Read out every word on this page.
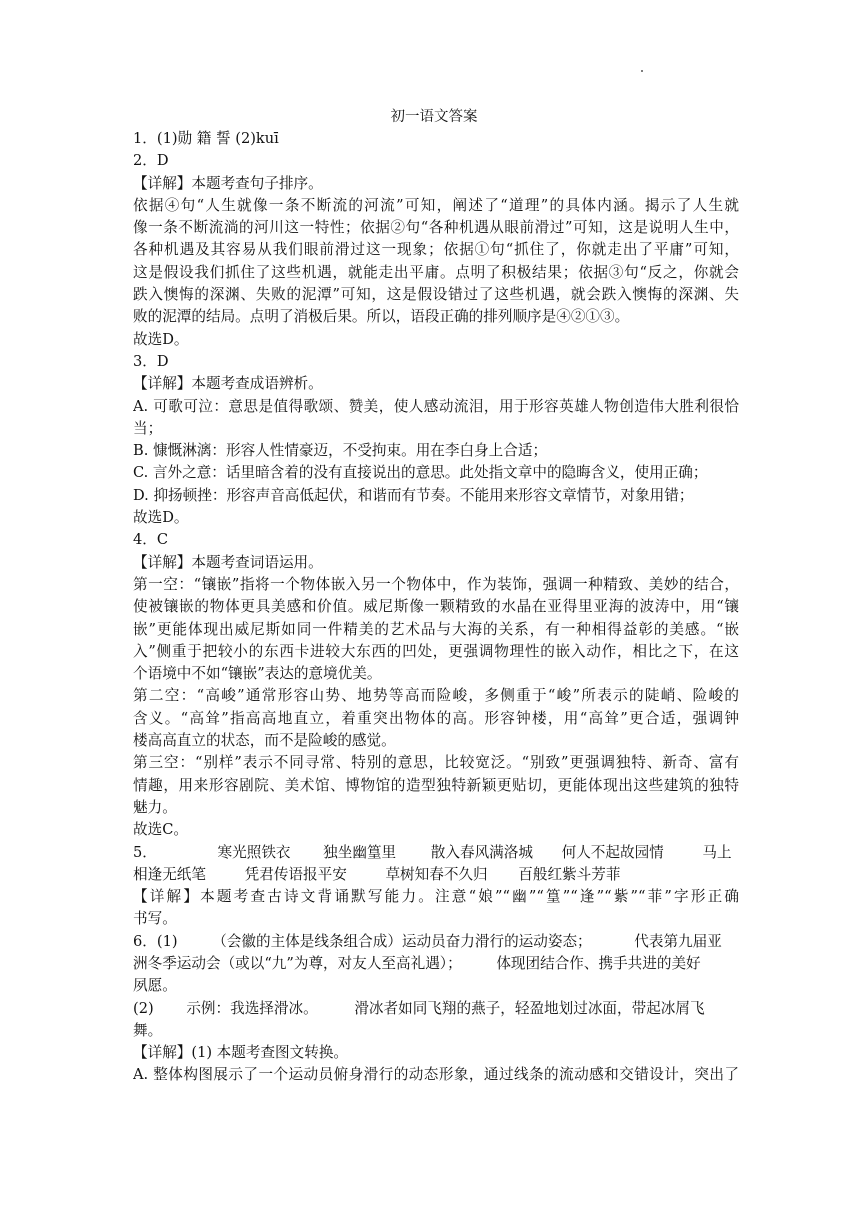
初一语文答案
1．(1)勋 籍 誓 (2)kuī
2．D
【详解】本题考查句子排序。
依据④句“人生就像一条不断流的河流”可知，阐述了“道理”的具体内涵。揭示了人生就
像一条不断流淌的河川这一特性；依据②句“各种机遇从眼前滑过”可知，这是说明人生中，
各种机遇及其容易从我们眼前滑过这一现象；依据①句“抓住了，你就走出了平庸”可知，
这是假设我们抓住了这些机遇，就能走出平庸。点明了积极结果；依据③句“反之，你就会
跌入懊悔的深渊、失败的泥潭”可知，这是假设错过了这些机遇，就会跌入懊悔的深渊、失
败的泥潭的结局。点明了消极后果。所以，语段正确的排列顺序是④②①③。
故选D。
3．D
【详解】本题考查成语辨析。
A. 可歌可泣：意思是值得歌颂、赞美，使人感动流泪，用于形容英雄人物创造伟大胜利很恰
当；
B. 慷慨淋漓：形容人性情豪迈，不受拘束。用在李白身上合适；
C. 言外之意：话里暗含着的没有直接说出的意思。此处指文章中的隐晦含义，使用正确；
D. 抑扬顿挫：形容声音高低起伏，和谐而有节奏。不能用来形容文章情节，对象用错；
故选D。
4．C
【详解】本题考查词语运用。
第一空：“镶嵌”指将一个物体嵌入另一个物体中，作为装饰，强调一种精致、美妙的结合，
使被镶嵌的物体更具美感和价值。威尼斯像一颗精致的水晶在亚得里亚海的波涛中，用“镶
嵌”更能体现出威尼斯如同一件精美的艺术品与大海的关系，有一种相得益彰的美感。“嵌
入”侧重于把较小的东西卡进较大东西的凹处，更强调物理性的嵌入动作，相比之下，在这
个语境中不如“镶嵌”表达的意境优美。
第二空：“高峻”通常形容山势、地势等高而险峻，多侧重于“峻”所表示的陡峭、险峻的
含义。“高耸”指高高地直立，着重突出物体的高。形容钟楼，用“高耸”更合适，强调钟
楼高高直立的状态，而不是险峻的感觉。
第三空：“别样”表示不同寻常、特别的意思，比较宽泛。“别致”更强调独特、新奇、富有
情趣，用来形容剧院、美术馆、博物馆的造型独特新颖更贴切，更能体现出这些建筑的独特
魅力。
故选C。
5．	寒光照铁衣 独坐幽篁里 散入春风满洛城 何人不起故园情	马上
相逢无纸笔	凭君传语报平安	草树知春不久归 百般红紫斗芳菲
【详解】本题考查古诗文背诵默写能力。注意“娘”“幽”“篁”“逢”“紫”“菲”字形正确
书写。
6．(1) （会徽的主体是线条组合成）运动员奋力滑行的运动姿态；	代表第九届亚
洲冬季运动会（或以“九”为尊，对友人至高礼遇）； 体现团结合作、携手共进的美好
夙愿。
(2) 示例：我选择滑冰。	滑冰者如同飞翔的燕子，轻盈地划过冰面，带起冰屑飞
舞。
【详解】(1) 本题考查图文转换。
A. 整体构图展示了一个运动员俯身滑行的动态形象，通过线条的流动感和交错设计，突出了
